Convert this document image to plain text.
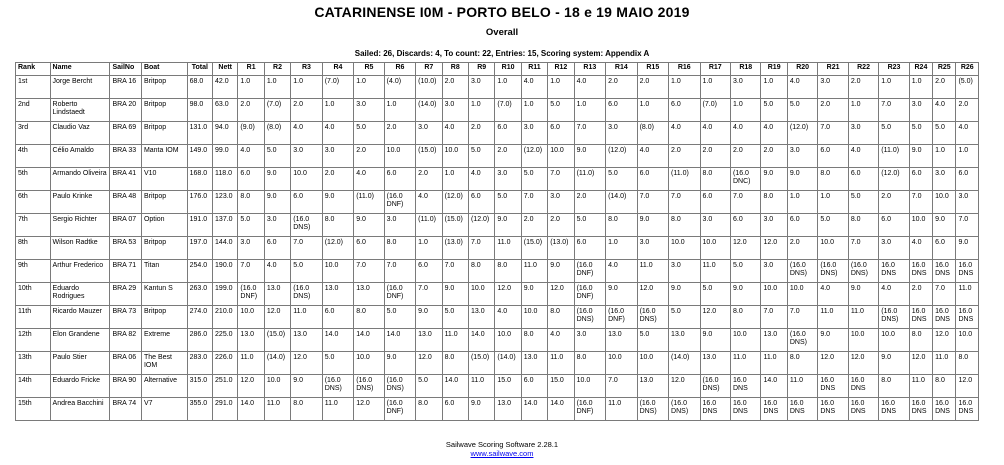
CATARINENSE I0M - PORTO BELO - 18 e 19 MAIO 2019
Overall
Sailed: 26, Discards: 4, To count: 22, Entries: 15, Scoring system: Appendix A
Rank	Name	SailNo	Boat	Total	Nett	R1	R2	R3	R4	R5	R6	R7	R8	R9	R10	R11	R12	R13	R14	R15	R16	R17	R18	R19	R20	R21	R22	R23	R24	R25	R26
1st	Jorge Bercht	BRA 16	Britpop	68.0	42.0	1.0	1.0	1.0	(7.0)	1.0	(4.0)	(10.0)	2.0	3.0	1.0	4.0	1.0	4.0	2.0	2.0	1.0	1.0	3.0	1.0	4.0	3.0	2.0	1.0	1.0	2.0	(5.0)
2nd	Roberto Lindstaedt	BRA 20	Britpop	98.0	63.0	2.0	(7.0)	2.0	1.0	3.0	1.0	(14.0)	3.0	1.0	(7.0)	1.0	5.0	1.0	6.0	1.0	6.0	(7.0)	1.0	5.0	5.0	2.0	1.0	7.0	3.0	4.0	2.0
3rd	Claudio Vaz	BRA 69	Britpop	131.0	94.0	(9.0)	(8.0)	4.0	4.0	5.0	2.0	3.0	4.0	2.0	6.0	3.0	6.0	7.0	3.0	(8.0)	4.0	4.0	4.0	4.0	(12.0)	7.0	3.0	5.0	5.0	5.0	4.0
4th	Célio Amaldo	BRA 33	Manta IOM	149.0	99.0	4.0	5.0	3.0	3.0	2.0	10.0	(15.0)	10.0	5.0	2.0	(12.0)	10.0	9.0	(12.0)	4.0	2.0	2.0	2.0	2.0	3.0	6.0	4.0	(11.0)	9.0	1.0	1.0
5th	Armando Oliveira	BRA 41	V10	168.0	118.0	6.0	9.0	10.0	2.0	4.0	6.0	2.0	1.0	4.0	3.0	5.0	7.0	(11.0)	5.0	6.0	(11.0)	8.0	(16.0 DNC)	9.0	9.0	8.0	6.0	(12.0)	6.0	3.0	6.0
6th	Paulo Krinke	BRA 48	Britpop	176.0	123.0	8.0	9.0	6.0	9.0	(11.0)	(16.0 DNF)	4.0	(12.0)	6.0	5.0	7.0	3.0	2.0	(14.0)	7.0	7.0	6.0	7.0	8.0	1.0	1.0	5.0	2.0	7.0	10.0	3.0
7th	Sergio Richter	BRA 07	Option	191.0	137.0	5.0	3.0	(16.0 DNS)	8.0	9.0	3.0	(11.0)	(15.0)	(12.0)	9.0	2.0	2.0	5.0	8.0	9.0	8.0	3.0	6.0	3.0	6.0	5.0	8.0	6.0	10.0	9.0	7.0
8th	Wilson Radtke	BRA 53	Britpop	197.0	144.0	3.0	6.0	7.0	(12.0)	6.0	8.0	1.0	(13.0)	7.0	11.0	(15.0)	(13.0)	6.0	1.0	3.0	10.0	10.0	12.0	12.0	2.0	10.0	7.0	3.0	4.0	6.0	9.0
9th	Arthur Frederico	BRA 71	Titan	254.0	190.0	7.0	4.0	5.0	10.0	7.0	7.0	6.0	7.0	8.0	8.0	11.0	9.0	(16.0 DNF)	4.0	11.0	3.0	11.0	5.0	3.0	(16.0 DNS)	(16.0 DNS)	(16.0 DNS)	16.0 DNS	16.0 DNS	16.0 DNS	16.0 DNS
10th	Eduardo Rodrigues	BRA 29	Kantun S	263.0	199.0	(16.0 DNF)	13.0	(16.0 DNS)	13.0	13.0	(16.0 DNF)	7.0	9.0	10.0	12.0	9.0	12.0	(16.0 DNF)	9.0	12.0	9.0	5.0	9.0	10.0	10.0	4.0	9.0	4.0	2.0	7.0	11.0
11th	Ricardo Mauzer	BRA 73	Britpop	274.0	210.0	10.0	12.0	11.0	6.0	8.0	5.0	9.0	5.0	13.0	4.0	10.0	8.0	(16.0 DNS)	(16.0 DNF)	(16.0 DNS)	5.0	12.0	8.0	7.0	7.0	11.0	11.0	(16.0 DNS)	16.0 DNS	16.0 DNS	16.0 DNS
12th	Elon Grandene	BRA 82	Extreme	286.0	225.0	13.0	(15.0)	13.0	14.0	14.0	14.0	13.0	11.0	14.0	10.0	8.0	4.0	3.0	13.0	5.0	13.0	9.0	10.0	13.0	(16.0 DNS)	9.0	10.0	10.0	8.0	12.0	10.0
13th	Paulo Stier	BRA 06	The Best IOM	283.0	226.0	11.0	(14.0)	12.0	5.0	10.0	9.0	12.0	8.0	(15.0)	(14.0)	13.0	11.0	8.0	10.0	10.0	(14.0)	13.0	11.0	11.0	8.0	12.0	12.0	9.0	12.0	11.0	8.0
14th	Eduardo Fricke	BRA 90	Alternative	315.0	251.0	12.0	10.0	9.0	(16.0 DNS)	(16.0 DNS)	(16.0 DNS)	5.0	14.0	11.0	15.0	6.0	15.0	10.0	7.0	13.0	12.0	(16.0 DNS)	16.0 DNS	14.0	11.0	16.0 DNS	16.0 DNS	8.0	11.0	8.0	12.0
15th	Andrea Bacchini	BRA 74	V7	355.0	291.0	14.0	11.0	8.0	11.0	12.0	(16.0 DNF)	8.0	6.0	9.0	13.0	14.0	14.0	(16.0 DNF)	11.0	(16.0 DNS)	(16.0 DNS)	16.0 DNS	16.0 DNS	16.0 DNS	16.0 DNS	16.0 DNS	16.0 DNS	16.0 DNS	16.0 DNS	16.0 DNS	16.0 DNS
Sailwave Scoring Software 2.28.1
www.sailwave.com
